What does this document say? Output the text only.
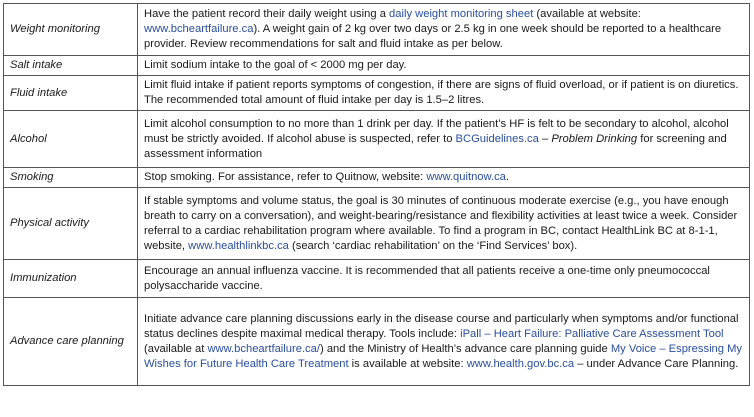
Weight monitoring	Have the patient record their daily weight using a daily weight monitoring sheet (available at website: www.bcheartfailure.ca). A weight gain of 2 kg over two days or 2.5 kg in one week should be reported to a healthcare provider. Review recommendations for salt and fluid intake as per below.
Salt intake	Limit sodium intake to the goal of < 2000 mg per day.
Fluid intake	Limit fluid intake if patient reports symptoms of congestion, if there are signs of fluid overload, or if patient is on diuretics. The recommended total amount of fluid intake per day is 1.5–2 litres.
Alcohol	Limit alcohol consumption to no more than 1 drink per day. If the patient’s HF is felt to be secondary to alcohol, alcohol must be strictly avoided. If alcohol abuse is suspected, refer to BCGuidelines.ca – Problem Drinking for screening and assessment information
Smoking	Stop smoking. For assistance, refer to Quitnow, website: www.quitnow.ca.
Physical activity	If stable symptoms and volume status, the goal is 30 minutes of continuous moderate exercise (e.g., you have enough breath to carry on a conversation), and weight-bearing/resistance and flexibility activities at least twice a week. Consider referral to a cardiac rehabilitation program where available. To find a program in BC, contact HealthLink BC at 8-1-1, website, www.healthlinkbc.ca (search ‘cardiac rehabilitation’ on the ‘Find Services’ box).
Immunization	Encourage an annual influenza vaccine. It is recommended that all patients receive a one-time only pneumococcal polysaccharide vaccine.
Advance care planning	Initiate advance care planning discussions early in the disease course and particularly when symptoms and/or functional status declines despite maximal medical therapy. Tools include: iPall – Heart Failure: Palliative Care Assessment Tool (available at www.bcheartfailure.ca/) and the Ministry of Health’s advance care planning guide My Voice – Espressing My Wishes for Future Health Care Treatment is available at website: www.health.gov.bc.ca – under Advance Care Planning.
